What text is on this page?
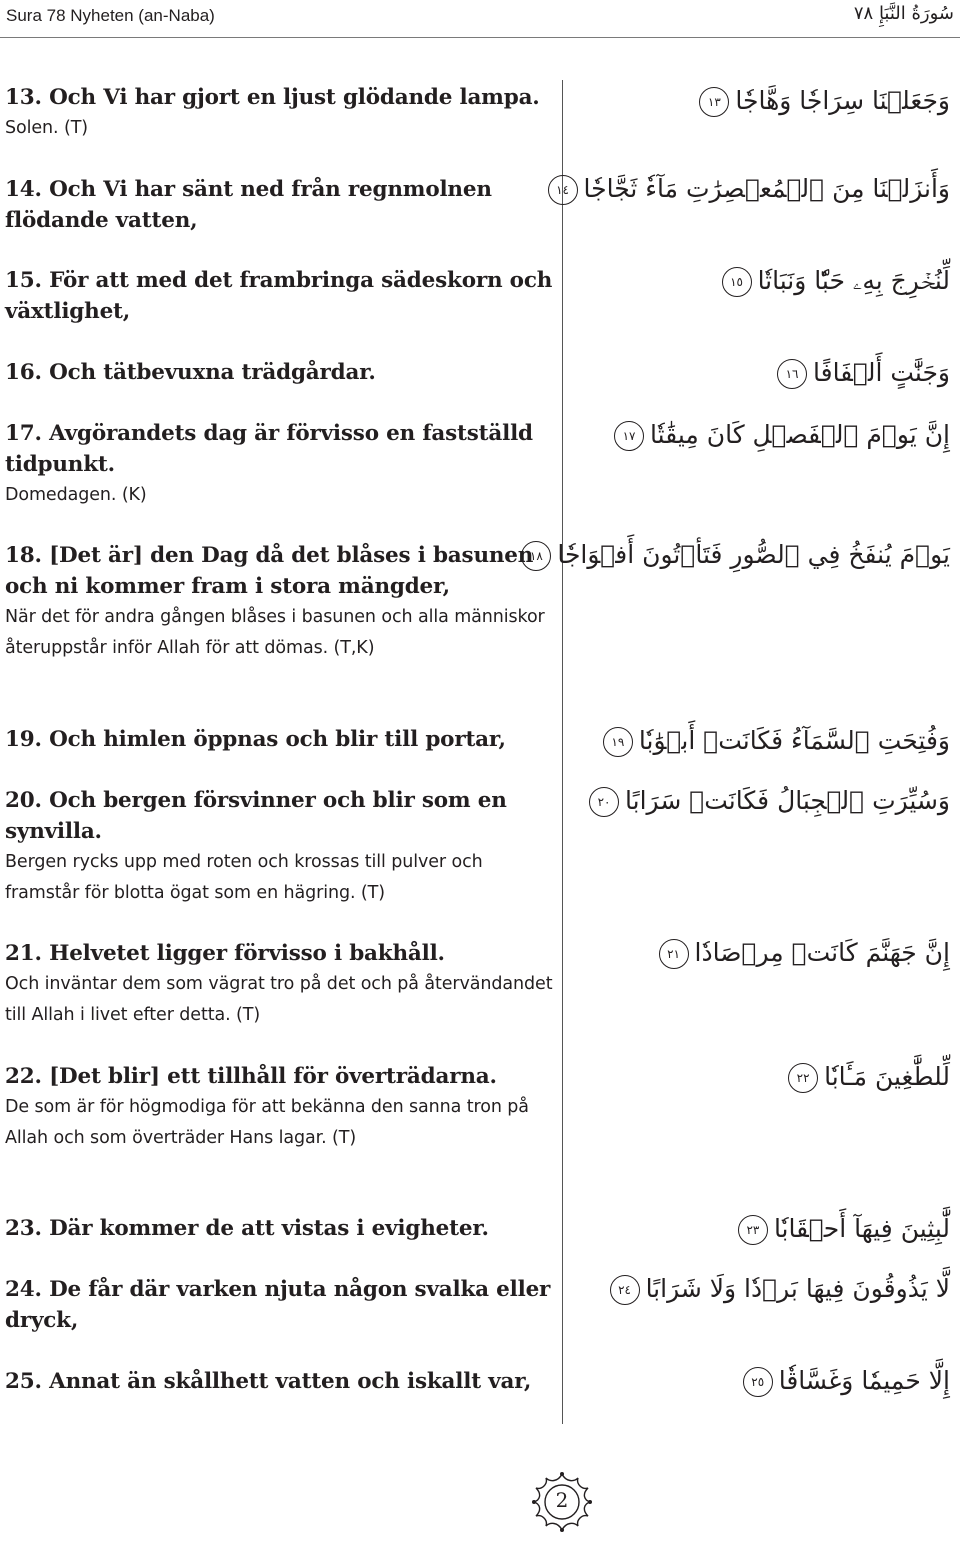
Sura 78 Nyheten (an-Naba)	سُورَةُ النَّبَإِ ٧٨
13. Och Vi har gjort en ljust glödande lampa.
Solen. (T)
وَجَعَلۡنَا سِرَاجٗا وَهَّاجٗا١٣
14. Och Vi har sänt ned från regnmolnen flödande vatten,
وَأَنزَلۡنَا مِنَ ٱلۡمُعۡصِرَٰتِ مَآءٗ ثَجَّاجٗا١٤
15. För att med det frambringa sädeskorn och växtlighet,
لِّنُخۡرِجَ بِهِۦ حَبّٗا وَنَبَاتٗا١٥
16. Och tätbevuxna trädgårdar.	وَجَنَّٰتٍ أَلۡفَافًا١٦
17. Avgörandets dag är förvisso en fastställd tidpunkt.
Domedagen. (K)
إِنَّ يَوۡمَ ٱلۡفَصۡلِ كَانَ مِيقَٰتٗا١٧
18. [Det är] den Dag då det blåses i basunen och ni kommer fram i stora mängder,
När det för andra gången blåses i basunen och alla människor återuppstår inför Allah för att dömas. (T,K)
يَوۡمَ يُنفَخُ فِي ٱلصُّورِ فَتَأۡتُونَ أَفۡوَاجٗا١٨
19. Och himlen öppnas och blir till portar,	وَفُتِحَتِ ٱلسَّمَآءُ فَكَانَتۡ أَبۡوَٰبٗا١٩
20. Och bergen försvinner och blir som en synvilla.
Bergen rycks upp med roten och krossas till pulver och framstår för blotta ögat som en hägring. (T)
وَسُيِّرَتِ ٱلۡجِبَالُ فَكَانَتۡ سَرَابًا٢٠
21. Helvetet ligger förvisso i bakhåll.
Och inväntar dem som vägrat tro på det och på återvändandet till Allah i livet efter detta. (T)
إِنَّ جَهَنَّمَ كَانَتۡ مِرۡصَادٗا٢١
22. [Det blir] ett tillhåll för överträdarna.
De som är för högmodiga för att bekänna den sanna tron på Allah och som överträder Hans lagar. (T)
لِّلطَّٰغِينَ مَـَٔابٗا٢٢
23. Där kommer de att vistas i evigheter.	لَّٰبِثِينَ فِيهَآ أَحۡقَابٗا٢٣
24. De får där varken njuta någon svalka eller dryck,
لَّا يَذُوقُونَ فِيهَا بَرۡدٗا وَلَا شَرَابًا٢٤
25. Annat än skållhett vatten och iskallt var,	إِلَّا حَمِيمٗا وَغَسَّاقٗا٢٥
2
